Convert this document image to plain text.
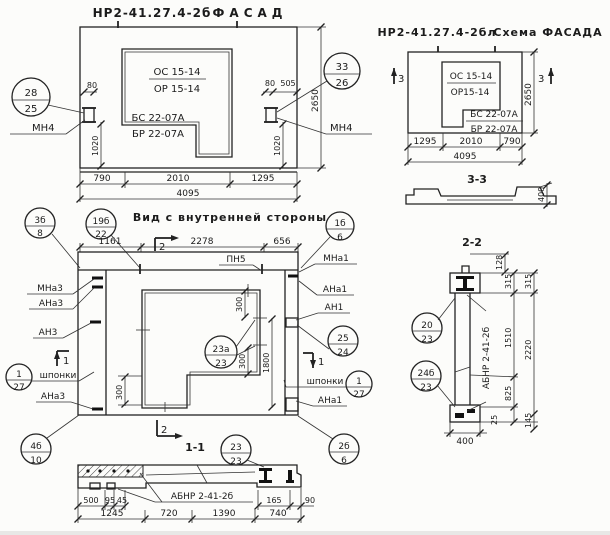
НР2-41.27.4-2б ФАСАД
ОС 15-14
ОР 15-14
БС 22-07А
БР 22-07А
80	80 505
1020	1020
2650
790	2010	1295
4095
28
25
МН4
33
26
МН4
НР2-41.27.4-2бл
Схема ФАСАДА
ОС 15-14
ОР15-14
БС 22-07А
БР 22-07А
3	3
1295	2010 790
4095
2650
3-3
400
3б
8
19б
22
Вид с внутренней стороны 1б
6
1161	2278	656
2
300
300
300
1800
23а
23
ПН5
МНа3
АНа3
АН3
1
шпонки
АНа3
1
27
4б
10
МНа1
АНа1
АН1
1
шпонки
АНа1
25
24
1
27
2б
6
2
1-1	23
23
АБНР 2-41-2б
500 95 45	165	90
1245	720	1390	740
2-2
20
23
24б
23	АБНР 2-41-2б
128
315
1510
825
25
315
2220
145
400
